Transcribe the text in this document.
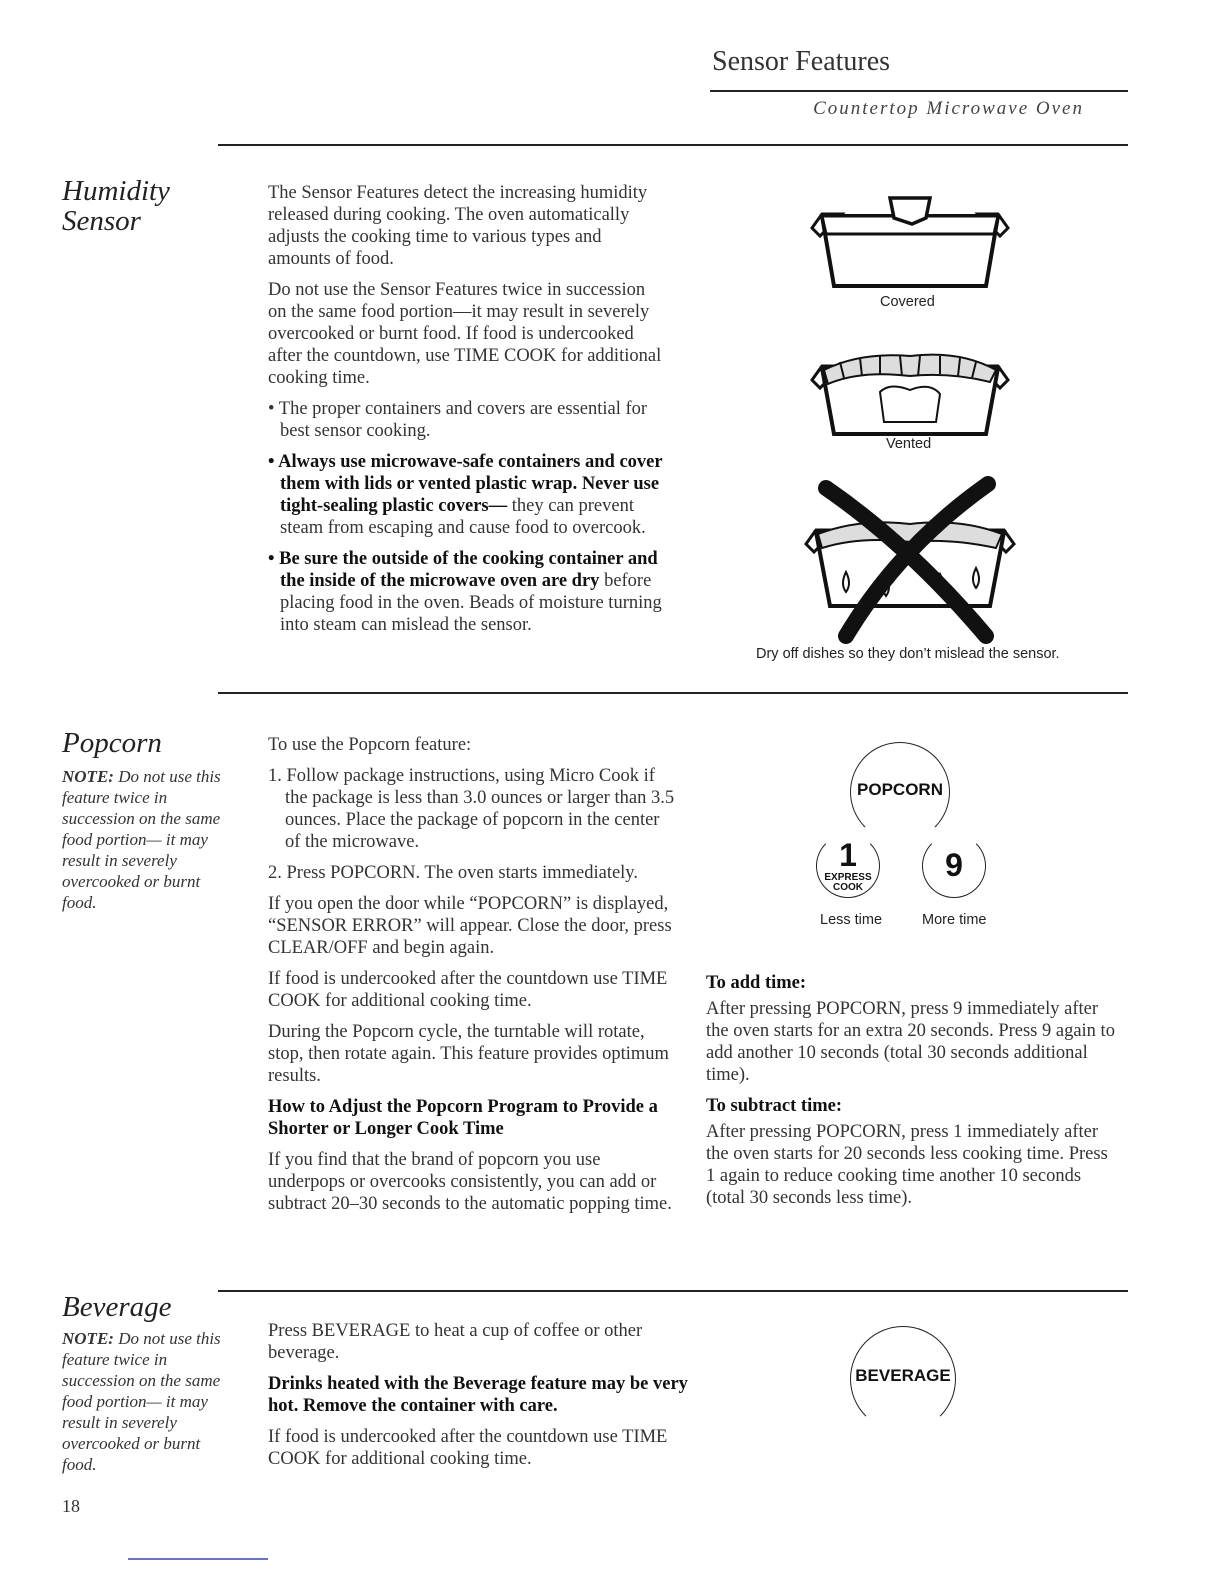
Sensor Features
Countertop Microwave Oven
Humidity
Sensor

The Sensor Features detect the increasing humidity released during cooking. The oven automatically adjusts the cooking time to various types and amounts of food.

Do not use the Sensor Features twice in succession on the same food portion—it may result in severely overcooked or burnt food. If food is undercooked after the countdown, use TIME COOK for additional cooking time.

• The proper containers and covers are essential for best sensor cooking.

• Always use microwave-safe containers and cover them with lids or vented plastic wrap. Never use tight-sealing plastic covers— they can prevent steam from escaping and cause food to overcook.

• Be sure the outside of the cooking container and the inside of the microwave oven are dry before placing food in the oven. Beads of moisture turning into steam can mislead the sensor.

Covered
Vented
Dry off dishes so they don’t mislead the sensor.
Popcorn
NOTE: Do not use this feature twice in succession on the same food portion— it may result in severely overcooked or burnt food.

To use the Popcorn feature:

1. Follow package instructions, using Micro Cook if the package is less than 3.0 ounces or larger than 3.5 ounces. Place the package of popcorn in the center of the microwave.

2. Press POPCORN. The oven starts immediately.

If you open the door while “POPCORN” is displayed, “SENSOR ERROR” will appear. Close the door, press CLEAR/OFF and begin again.

If food is undercooked after the countdown use TIME COOK for additional cooking time.

During the Popcorn cycle, the turntable will rotate, stop, then rotate again. This feature provides optimum results.

How to Adjust the Popcorn Program to Provide a Shorter or Longer Cook Time

If you find that the brand of popcorn you use underpops or overcooks consistently, you can add or subtract 20–30 seconds to the automatic popping time.

POPCORN
1
EXPRESS
COOK
9
Less time	More time

To add time:

After pressing POPCORN, press 9 immediately after the oven starts for an extra 20 seconds. Press 9 again to add another 10 seconds (total 30 seconds additional time).

To subtract time:

After pressing POPCORN, press 1 immediately after the oven starts for 20 seconds less cooking time. Press 1 again to reduce cooking time another 10 seconds (total 30 seconds less time).

Beverage
NOTE: Do not use this feature twice in succession on the same food portion— it may result in severely overcooked or burnt food.

Press BEVERAGE to heat a cup of coffee or other beverage.

Drinks heated with the Beverage feature may be very hot. Remove the container with care.

If food is undercooked after the countdown use TIME COOK for additional cooking time.

BEVERAGE
18
